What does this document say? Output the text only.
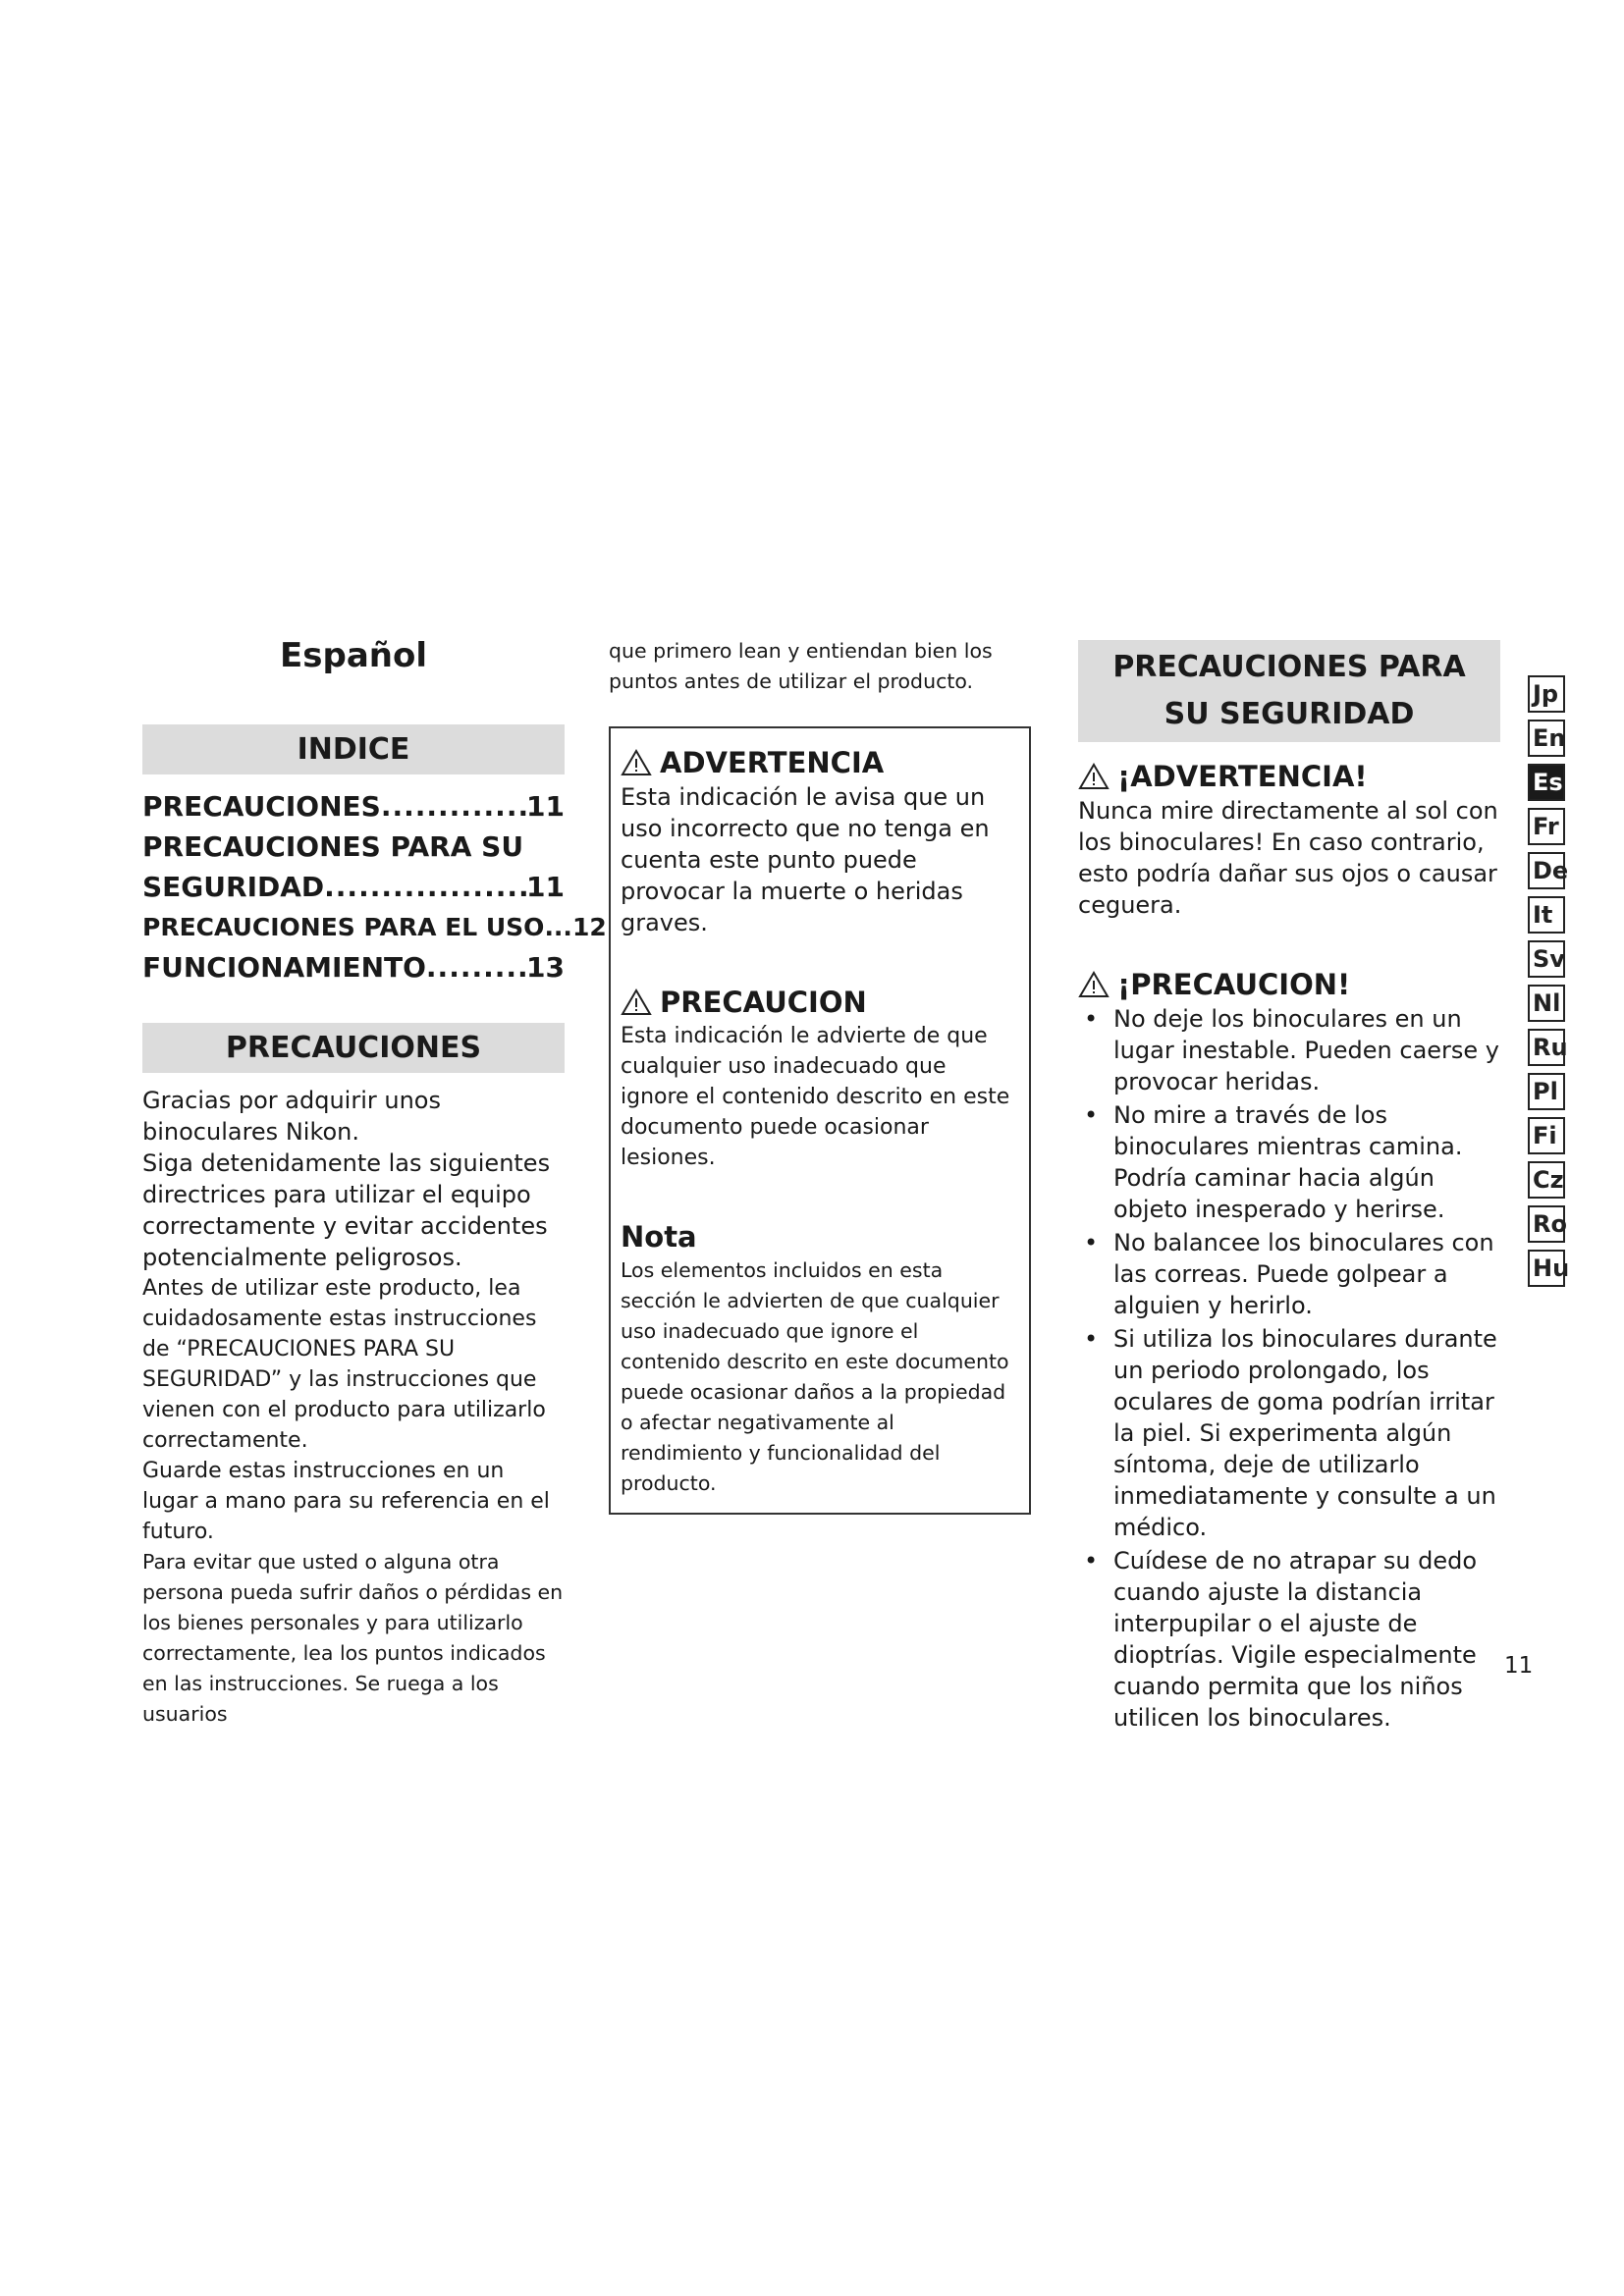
Español
INDICE
PRECAUCIONES .....	11
PRECAUCIONES PARA SU
SEGURIDAD .....	11
PRECAUCIONES PARA EL USO ... 12
FUNCIONAMIENTO .....	13
PRECAUCIONES

Gracias por adquirir unos binoculares Nikon.

Siga detenidamente las siguientes directrices para utilizar el equipo correctamente y evitar accidentes potencialmente peligrosos.

Antes de utilizar este producto, lea cuidadosamente estas instrucciones de “PRECAUCIONES PARA SU SEGURIDAD” y las instrucciones que vienen con el producto para utilizarlo correctamente.

Guarde estas instrucciones en un lugar a mano para su referencia en el futuro.

Para evitar que usted o alguna otra persona pueda sufrir daños o pérdidas en los bienes personales y para utilizarlo correctamente, lea los puntos indicados en las instrucciones. Se ruega a los usuarios

que primero lean y entiendan bien los puntos antes de utilizar el producto.

ADVERTENCIA

Esta indicación le avisa que un uso incorrecto que no tenga en cuenta este punto puede provocar la muerte o heridas graves.

PRECAUCION

Esta indicación le advierte de que cualquier uso inadecuado que ignore el contenido descrito en este documento puede ocasionar lesiones.

Nota

Los elementos incluidos en esta sección le advierten de que cualquier uso inadecuado que ignore el contenido descrito en este documento puede ocasionar daños a la propiedad o afectar negativamente al rendimiento y funcionalidad del producto.

PRECAUCIONES PARA SU SEGURIDAD
¡ADVERTENCIA!

Nunca mire directamente al sol con los binoculares! En caso contrario, esto podría dañar sus ojos o causar ceguera.

¡PRECAUCION!
• No deje los binoculares en un lugar inestable. Pueden caerse y provocar heridas.
• No mire a través de los binoculares mientras camina. Podría caminar hacia algún objeto inesperado y herirse.
• No balancee los binoculares con las correas. Puede golpear a alguien y herirlo.
• Si utiliza los binoculares durante un periodo prolongado, los oculares de goma podrían irritar la piel. Si experimenta algún síntoma, deje de utilizarlo inmediatamente y consulte a un médico.
• Cuídese de no atrapar su dedo cuando ajuste la distancia interpupilar o el ajuste de dioptrías. Vigile especialmente cuando permita que los niños utilicen los binoculares.
Jp
En
Es
Fr
De
It
Sv
Nl
Ru
Pl
Fi
Cz
Ro
Hu
11
